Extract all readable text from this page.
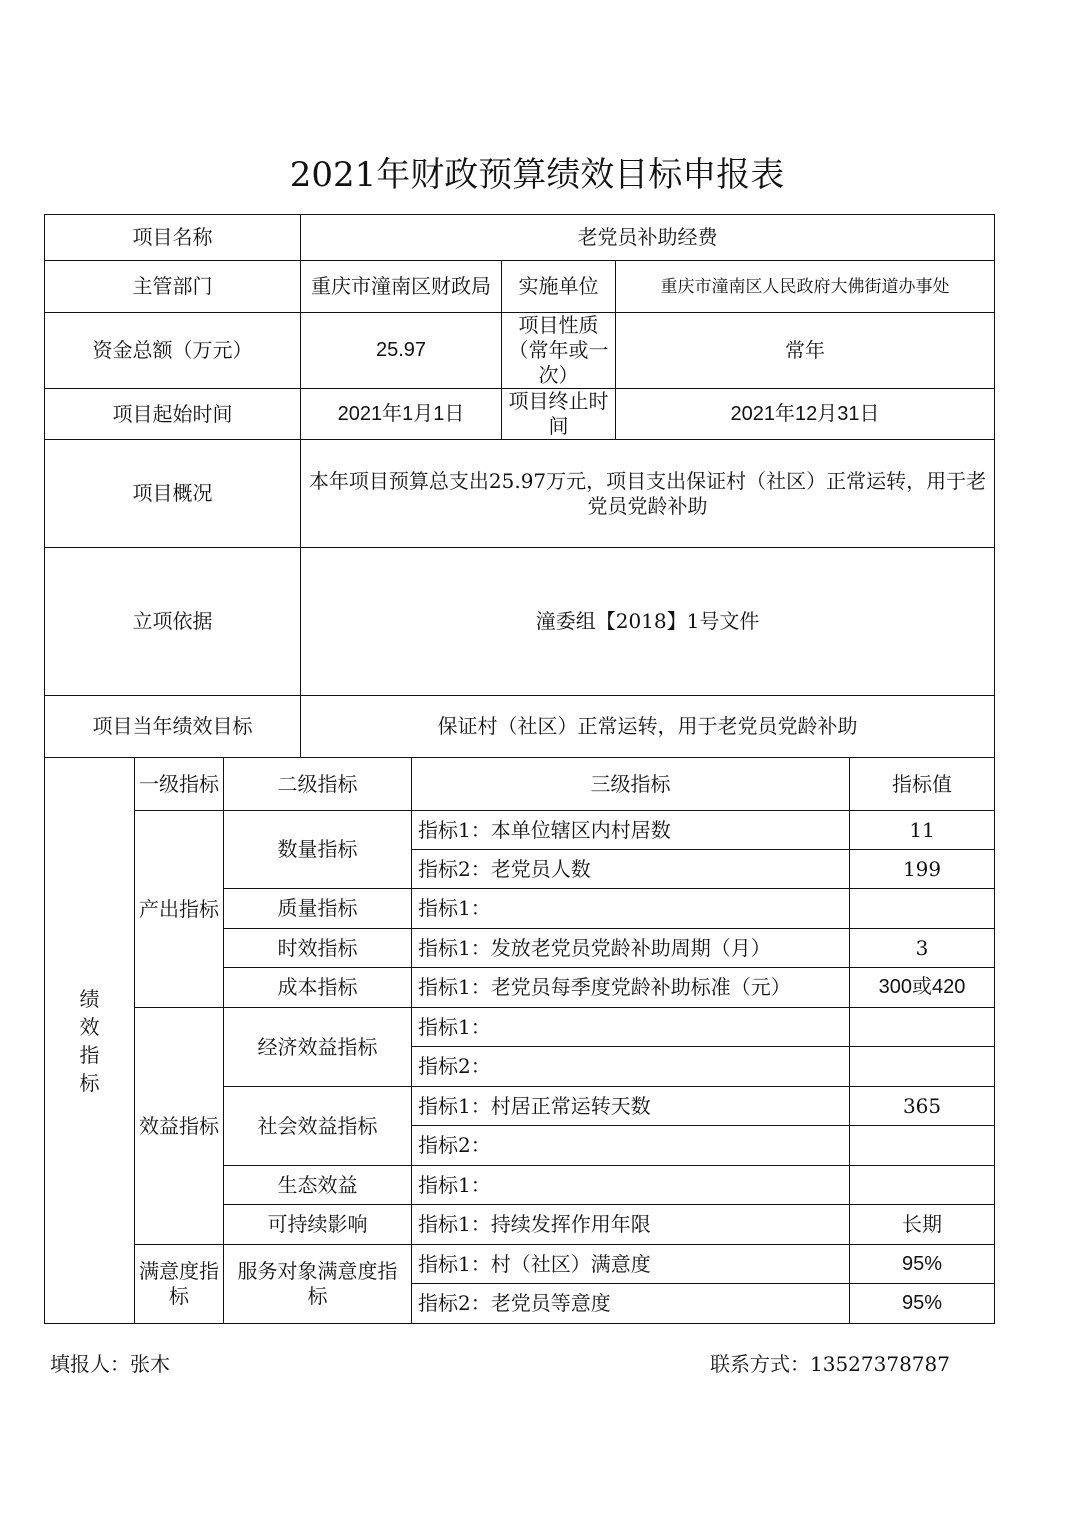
2021年财政预算绩效目标申报表
项目名称			老党员补助经费				
主管部门			重庆市潼南区财政局		实施单位	重庆市潼南区人民政府大佛街道办事处	
资金总额（万元）			25.97		项目性质（常年或一次）	常年	
项目起始时间			2021年1月1日		项目终止时间	2021年12月31日	
项目概况			本年项目预算总支出25.97万元，项目支出保证村（社区）正常运转，用于老党员党龄补助				
立项依据			潼委组【2018】1号文件				
项目当年绩效目标			保证村（社区）正常运转，用于老党员党龄补助				
绩效指标	一级指标	二级指标		三级指标			指标值
	产出指标	数量指标		指标1：本单位辖区内村居数			11
				指标2：老党员人数			199
		质量指标		指标1：			
		时效指标		指标1：发放老党员党龄补助周期（月）			3
		成本指标		指标1：老党员每季度党龄补助标准（元）			300或420
	效益指标	经济效益指标		指标1：			
				指标2：			
		社会效益指标		指标1：村居正常运转天数			365
				指标2：			
		生态效益		指标1：			
		可持续影响		指标1：持续发挥作用年限			长期
	满意度指标	服务对象满意度指标		指标1：村（社区）满意度			95%
				指标2：老党员等意度			95%
填报人：张木	联系方式：13527378787
